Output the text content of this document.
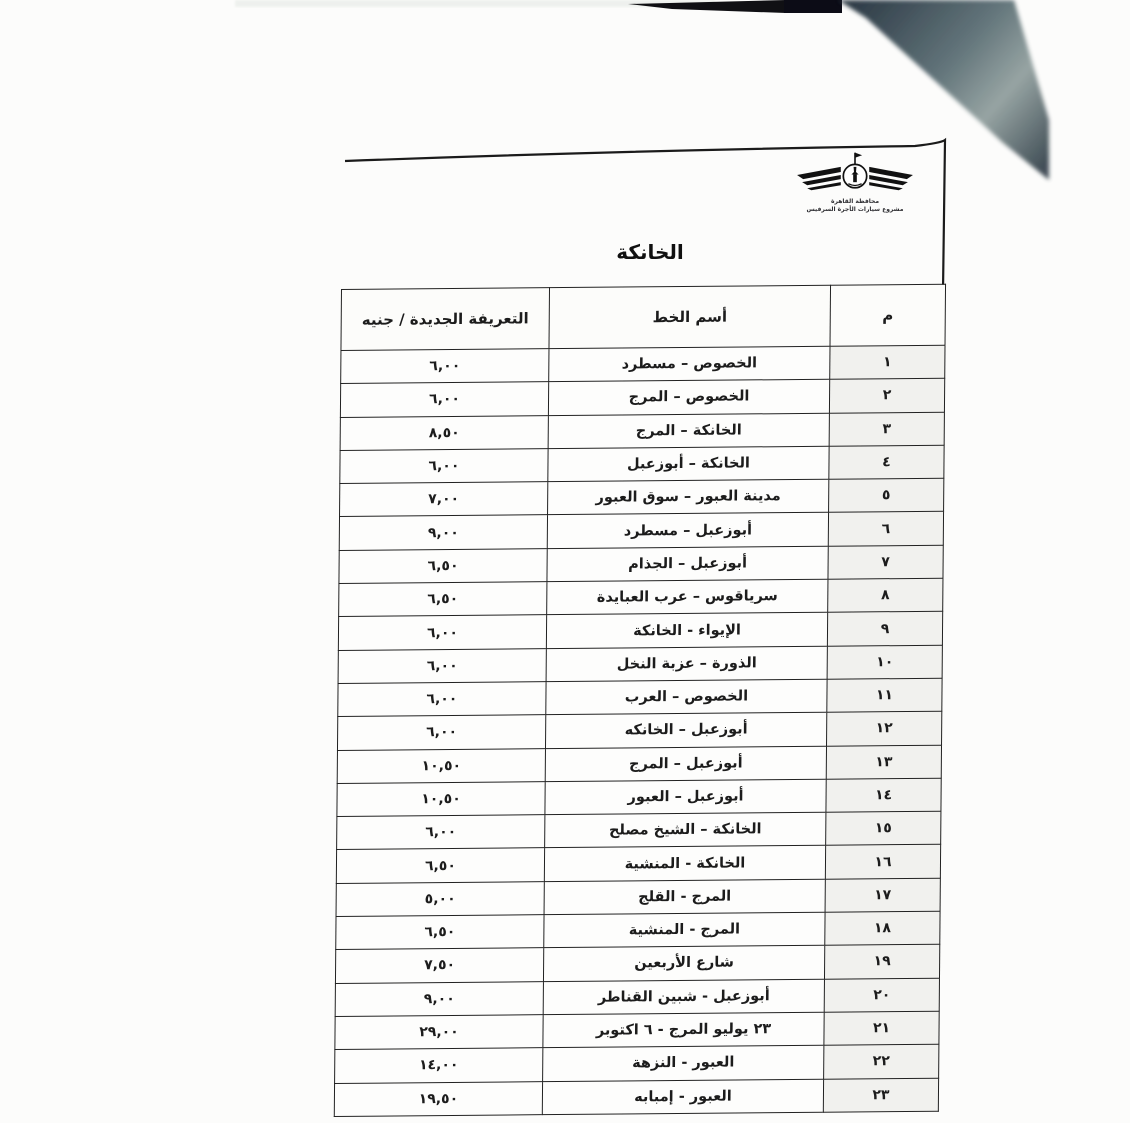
محافظة القاهرة
مشروع سيارات الأجرة السرفيس
الخانكة
م	أسم الخط	التعريفة الجديدة / جنيه
١	الخصوص – مسطرد	٦,٠٠
٢	الخصوص – المرج	٦,٠٠
٣	الخانكة – المرج	٨,٥٠
٤	الخانكة – أبوزعبل	٦,٠٠
٥	مدينة العبور – سوق العبور	٧,٠٠
٦	أبوزعبل – مسطرد	٩,٠٠
٧	أبوزعبل – الجذام	٦,٥٠
٨	سرياقوس – عرب العبايدة	٦,٥٠
٩	الإيواء - الخانكة	٦,٠٠
١٠	الذورة – عزبة النخل	٦,٠٠
١١	الخصوص – العرب	٦,٠٠
١٢	أبوزعبل – الخانكه	٦,٠٠
١٣	أبوزعبل – المرج	١٠,٥٠
١٤	أبوزعبل – العبور	١٠,٥٠
١٥	الخانكة – الشيخ مصلح	٦,٠٠
١٦	الخانكة - المنشية	٦,٥٠
١٧	المرج - القلج	٥,٠٠
١٨	المرج - المنشية	٦,٥٠
١٩	شارع الأربعين	٧,٥٠
٢٠	أبوزعبل - شبين القناطر	٩,٠٠
٢١	٢٣ يوليو المرج - ٦ اكتوبر	٢٩,٠٠
٢٢	العبور - النزهة	١٤,٠٠
٢٣	العبور - إمبابه	١٩,٥٠
